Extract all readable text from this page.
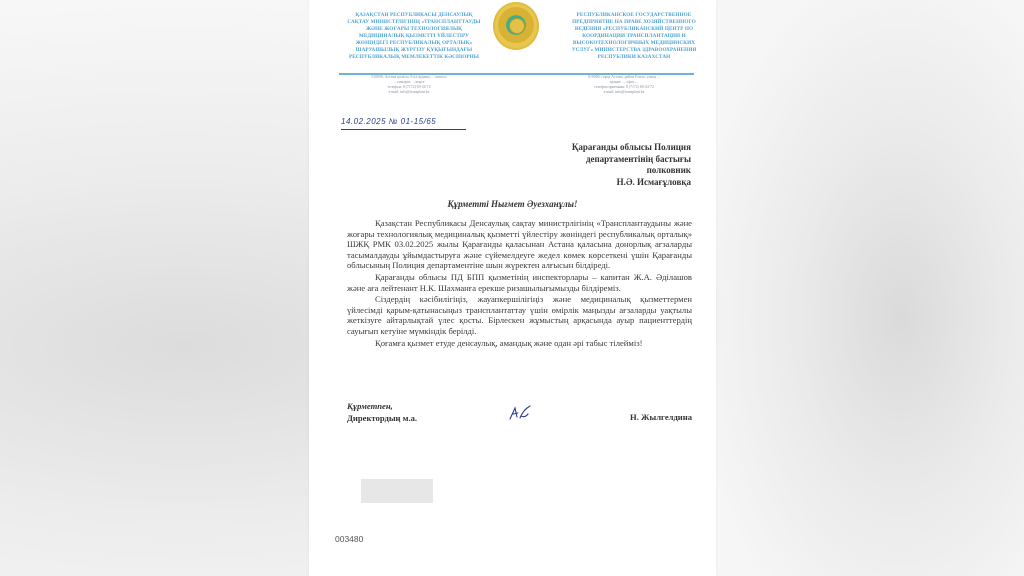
ҚАЗАҚСТАН РЕСПУБЛИКАСЫ ДЕНСАУЛЫҚ
САҚТАУ МИНИСТРЛІГІНІҢ «ТРАНСПЛАНТТАУДЫ
ЖӘНЕ ЖОҒАРЫ ТЕХНОЛОГИЯЛЫҚ
МЕДИЦИНАЛЫҚ ҚЫЗМЕТТІ ҮЙЛЕСТІРУ
ЖӨНІНДЕГІ РЕСПУБЛИКАЛЫҚ ОРТАЛЫҚ»
ШАРУАШЫЛЫҚ ЖҮРГІЗУ ҚҰҚЫҒЫНДАҒЫ
РЕСПУБЛИКАЛЫҚ МЕМЛЕКЕТТІК КӘСІПОРНЫ
РЕСПУБЛИКАНСКОЕ ГОСУДАРСТВЕННОЕ
ПРЕДПРИЯТИЕ НА ПРАВЕ ХОЗЯЙСТВЕННОГО
ВЕДЕНИЯ «РЕСПУБЛИКАНСКИЙ ЦЕНТР ПО
КООРДИНАЦИИ ТРАНСПЛАНТАЦИИ И
ВЫСОКОТЕХНОЛОГИЧНЫХ МЕДИЦИНСКИХ
УСЛУГ» МИНИСТЕРСТВА ЗДРАВООХРАНЕНИЯ
РЕСПУБЛИКИ КАЗАХСТАН
010000, Астана қаласы, Есіл ауданы, ... көшесі
... ғимарат, ... кеңсе
телефон: 8 (7172) 69-24-72
e-mail: info@transplant.kz
010000, город Астана, район Есиль, улица ...
здание ..., офис ...
телефон приемная: 8 (7172) 69-24-72
e-mail: info@transplant.kz
14.02.2025 № 01-15/65
Қарағанды облысы Полиция
департаментінің бастығы
полковник
Н.Ә. Исмағұловқа
Құрметті Нығмет Әуезханұлы!

Қазақстан Республикасы Денсаулық сақтау министрлігінің «Трансплантаудыны және жоғары технологиялық медициналық қызметті үйлестіру жөніндегі республикалық орталық» ШЖҚ РМК 03.02.2025 жылы Қарағанды қаласынан Астана қаласына донорлық ағзаларды тасымалдауды ұйымдастыруға және сүйемелдеуге жедел көмек көрсеткені үшін Қарағанды облысының Полиция департаментіне шын жүректен алғысын білдіреді.

Қарағанды облысы ПД БПП қызметінің инспекторлары – капитан Ж.А. Әділашов және аға лейтенант Н.К. Шахманға ерекше ризашылығымызды білдіреміз.

Сіздердің кәсібилігіңіз, жауапкершілігіңіз және медициналық қызметтермен үйлесімді қарым-қатынасыңыз трансплантаттау үшін өмірлік маңызды ағзаларды уақтылы жеткізуге айтарлықтай үлес қосты. Бірлескен жұмыстың арқасында ауыр пациенттердің сауығып кетуіне мүмкіндік берілді.

Қоғамға қызмет етуде денсаулық, амандық және одан әрі табыс тілейміз!

Құрметпен,
Директордың м.а.	Н. Жылгелдина
003480
